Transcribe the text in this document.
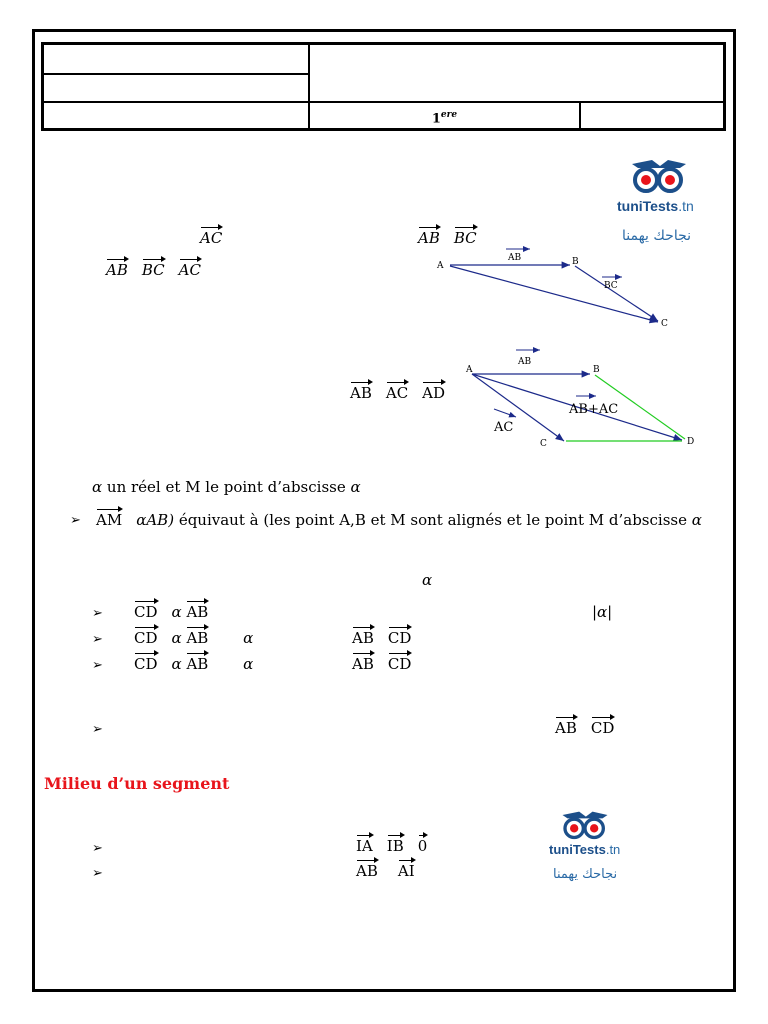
1ere
tuniTests.tn
نجاحك يهمنا
AC
AB BC AC
AB BC
A	B
C
AB
BC
AB AC AD
A	B
C	D
AB
AC
AB+AC
α un réel et M le point d’abscisse α
➢ AM αAB) équivaut à (les point A,B et M sont alignés et le point M d’abscisse α
α
➢ CD α AB	|α|
➢ CD α AB α	AB CD
➢ CD α AB α	AB CD
➢	AB CD
Milieu d’un segment
tuniTests.tn
نجاحك يهمنا
➢	IA IB 0
➢	AB AI
